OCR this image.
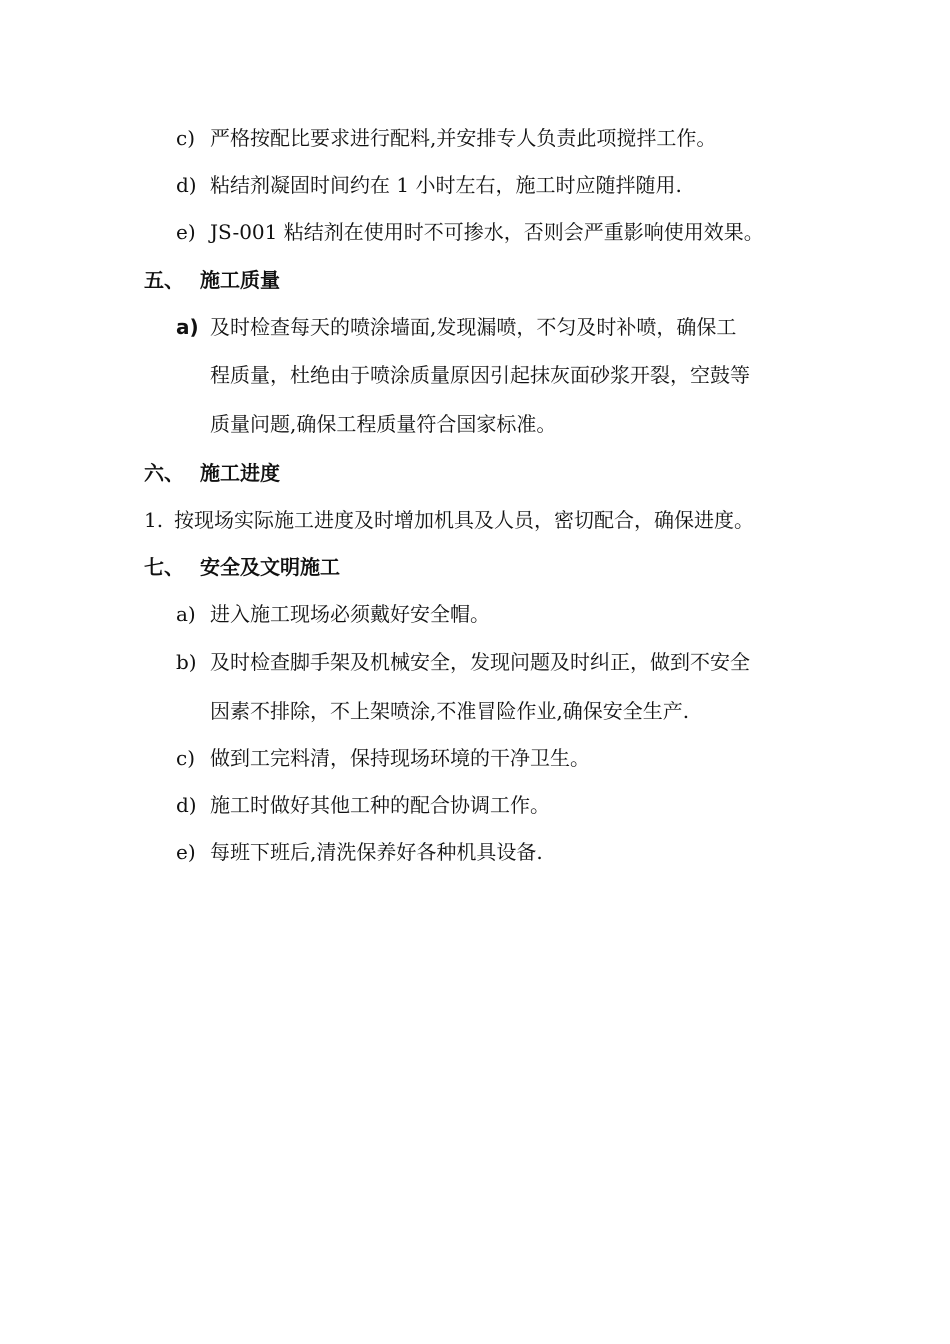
c) 严格按配比要求进行配料,并安排专人负责此项搅拌工作。
d) 粘结剂凝固时间约在 1 小时左右，施工时应随拌随用.
e) JS-001 粘结剂在使用时不可掺水，否则会严重影响使用效果。
五、 施工质量
a) 及时检查每天的喷涂墙面,发现漏喷，不匀及时补喷，确保工
程质量，杜绝由于喷涂质量原因引起抹灰面砂浆开裂，空鼓等
质量问题,确保工程质量符合国家标准。
六、 施工进度
1. 按现场实际施工进度及时增加机具及人员，密切配合，确保进度。
七、 安全及文明施工
a) 进入施工现场必须戴好安全帽。
b) 及时检查脚手架及机械安全，发现问题及时纠正，做到不安全
因素不排除，不上架喷涂,不准冒险作业,确保安全生产.
c) 做到工完料清，保持现场环境的干净卫生。
d) 施工时做好其他工种的配合协调工作。
e) 每班下班后,清洗保养好各种机具设备.
